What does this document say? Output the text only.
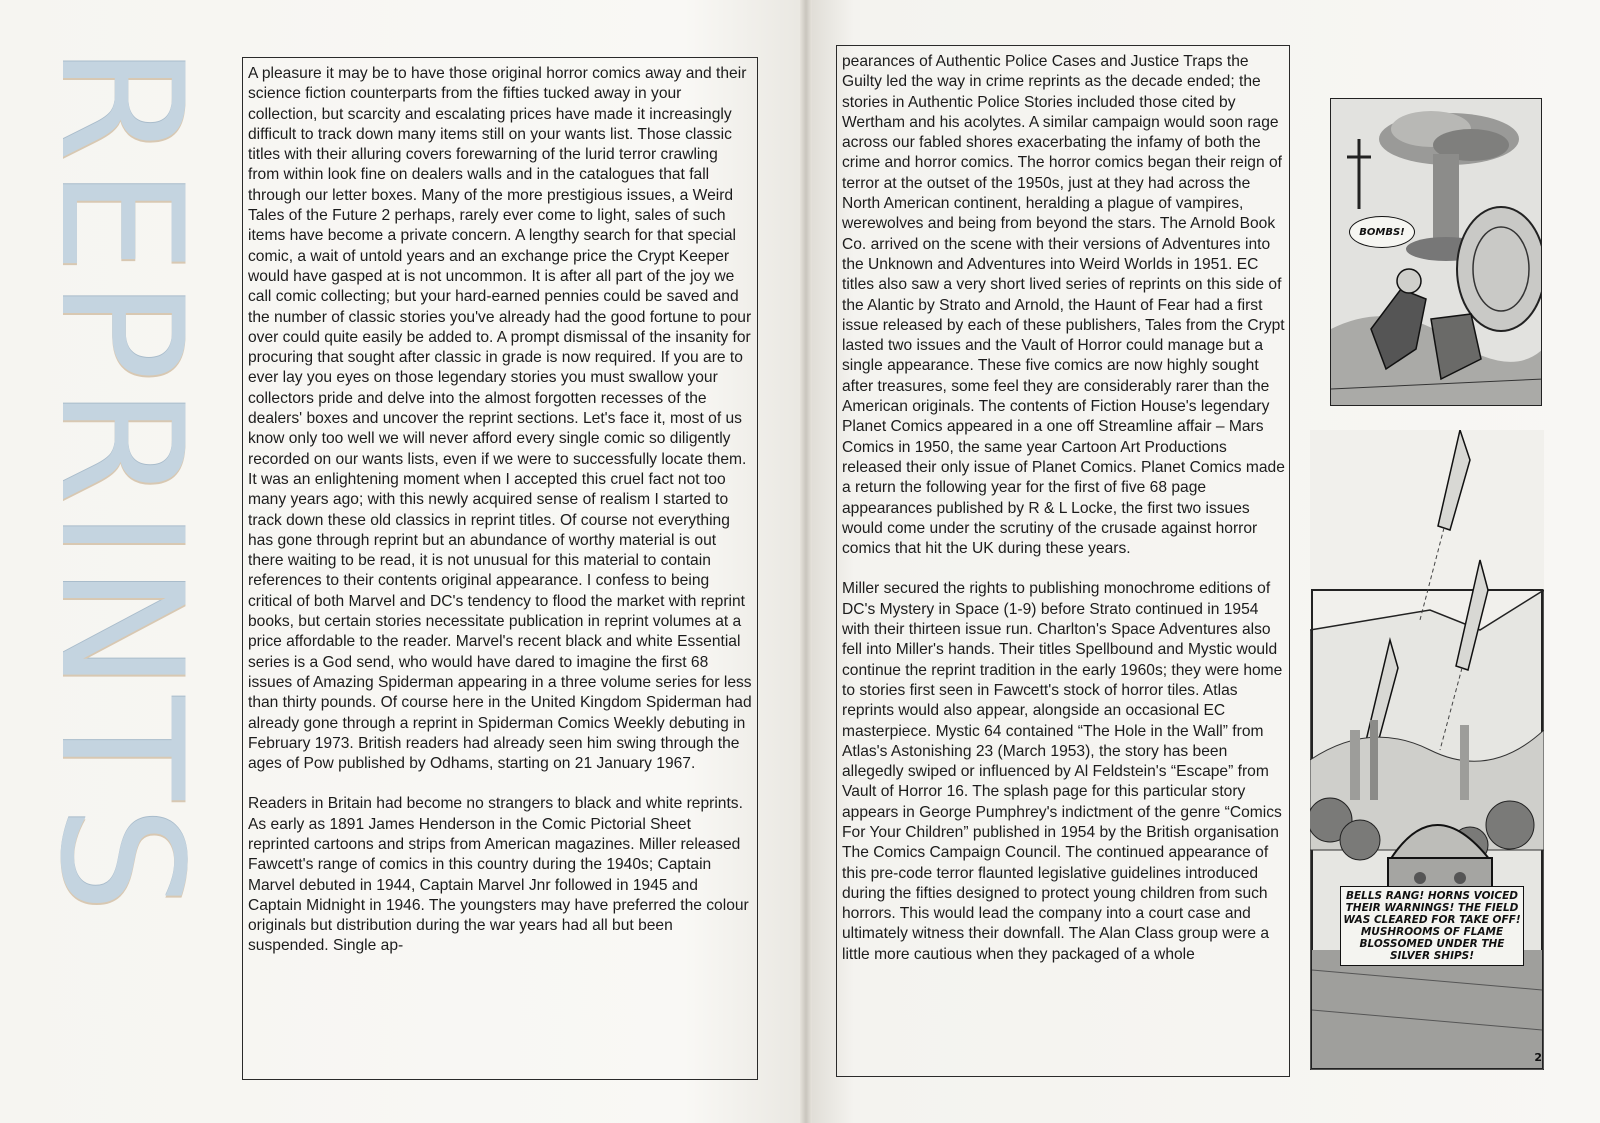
REPRINTS A pleasure it may be to have those original horror comics away and their science fiction counterparts from the fifties tucked away in your collection, but scarcity and escalating prices have made it increasingly difficult to track down many items still on your wants list. Those classic titles with their alluring covers forewarning of the lurid terror crawling from within look fine on dealers walls and in the catalogues that fall through our letter boxes. Many of the more prestigious issues, a Weird Tales of the Future 2 perhaps, rarely ever come to light, sales of such items have become a private concern. A lengthy search for that special comic, a wait of untold years and an exchange price the Crypt Keeper would have gasped at is not uncommon. It is after all part of the joy we call comic collecting; but your hard-earned pennies could be saved and the number of classic stories you've already had the good fortune to pour over could quite easily be added to. A prompt dismissal of the insanity for procuring that sought after classic in grade is now required. If you are to ever lay you eyes on those legendary stories you must swallow your collectors pride and delve into the almost forgotten recesses of the dealers' boxes and uncover the reprint sections. Let's face it, most of us know only too well we will never afford every single comic so diligently recorded on our wants lists, even if we were to successfully locate them. It was an enlightening moment when I accepted this cruel fact not too many years ago; with this newly acquired sense of realism I started to track down these old classics in reprint titles. Of course not everything has gone through reprint but an abundance of worthy material is out there waiting to be read, it is not unusual for this material to contain references to their contents original appearance. I confess to being critical of both Marvel and DC's tendency to flood the market with reprint books, but certain stories necessitate publication in reprint volumes at a price affordable to the reader. Marvel's recent black and white Essential series is a God send, who would have dared to imagine the first 68 issues of Amazing Spiderman appearing in a three volume series for less than thirty pounds. Of course here in the United Kingdom Spiderman had already gone through a reprint in Spiderman Comics Weekly debuting in February 1973. British readers had already seen him swing through the ages of Pow published by Odhams, starting on 21 January 1967.

Readers in Britain had become no strangers to black and white reprints. As early as 1891 James Henderson in the Comic Pictorial Sheet reprinted cartoons and strips from American magazines. Miller released Fawcett's range of comics in this country during the 1940s; Captain Marvel debuted in 1944, Captain Marvel Jnr followed in 1945 and Captain Midnight in 1946. The youngsters may have preferred the colour originals but distribution during the war years had all but been suspended. Single ap-

pearances of Authentic Police Cases and Justice Traps the Guilty led the way in crime reprints as the decade ended; the stories in Authentic Police Stories included those cited by Wertham and his acolytes. A similar campaign would soon rage across our fabled shores exacerbating the infamy of both the crime and horror comics. The horror comics began their reign of terror at the outset of the 1950s, just at they had across the North American continent, heralding a plague of vampires, werewolves and being from beyond the stars. The Arnold Book Co. arrived on the scene with their versions of Adventures into the Unknown and Adventures into Weird Worlds in 1951. EC titles also saw a very short lived series of reprints on this side of the Alantic by Strato and Arnold, the Haunt of Fear had a first issue released by each of these publishers, Tales from the Crypt lasted two issues and the Vault of Horror could manage but a single appearance. These five comics are now highly sought after treasures, some feel they are considerably rarer than the American originals. The contents of Fiction House's legendary Planet Comics appeared in a one off Streamline affair – Mars Comics in 1950, the same year Cartoon Art Productions released their only issue of Planet Comics. Planet Comics made a return the following year for the first of five 68 page appearances published by R & L Locke, the first two issues would come under the scrutiny of the crusade against horror comics that hit the UK during these years.

Miller secured the rights to publishing monochrome editions of DC's Mystery in Space (1-9) before Strato continued in 1954 with their thirteen issue run. Charlton's Space Adventures also fell into Miller's hands. Their titles Spellbound and Mystic would continue the reprint tradition in the early 1960s; they were home to stories first seen in Fawcett's stock of horror tiles. Atlas reprints would also appear, alongside an occasional EC masterpiece. Mystic 64 contained “The Hole in the Wall” from Atlas's Astonishing 23 (March 1953), the story has been allegedly swiped or influenced by Al Feldstein's “Escape” from Vault of Horror 16. The splash page for this particular story appears in George Pumphrey's indictment of the genre “Comics For Your Children” published in 1954 by the British organisation The Comics Campaign Council. The continued appearance of this pre-code terror flaunted legislative guidelines introduced during the fifties designed to protect young children from such horrors. This would lead the company into a court case and ultimately witness their downfall. The Alan Class group were a little more cautious when they packaged of a whole

BOMBS!
BELLS RANG! HORNS VOICED THEIR WARNINGS! THE FIELD WAS CLEARED FOR TAKE OFF! MUSHROOMS OF FLAME BLOSSOMED UNDER THE SILVER SHIPS!
2
